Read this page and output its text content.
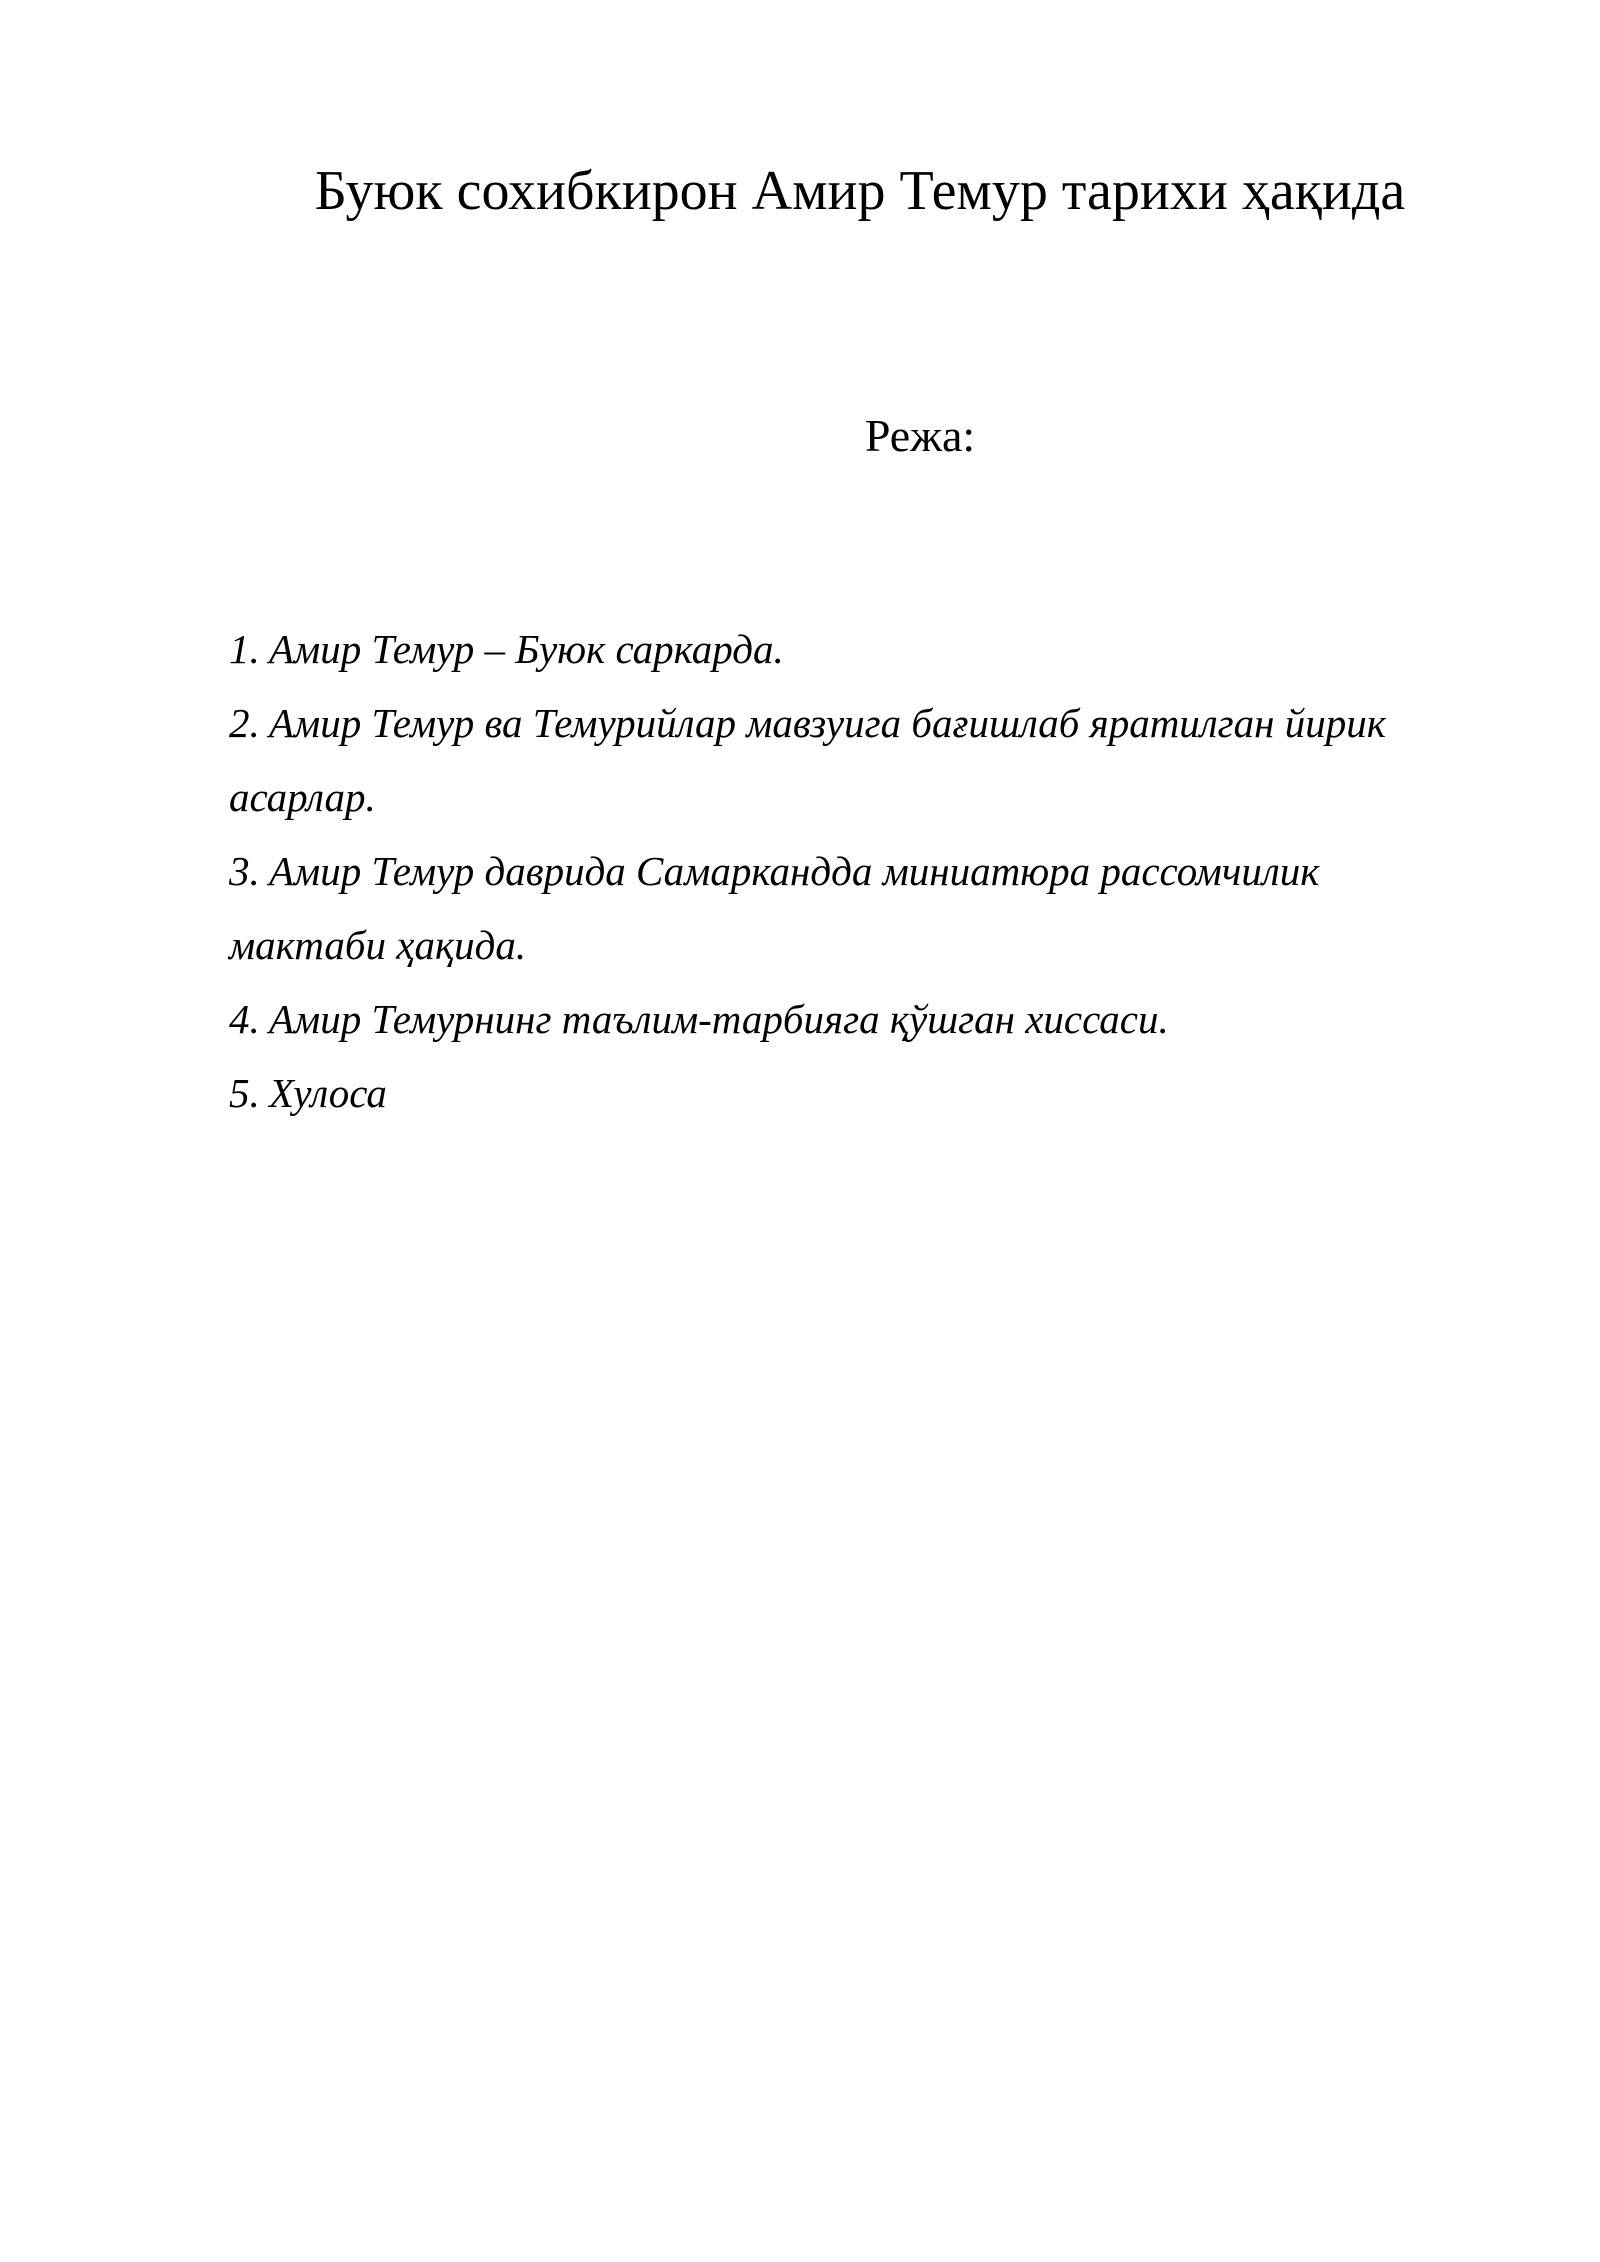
Буюк сохибкирон Амир Темур тарихи ҳақида
Режа:
1. Амир Темур – Буюк саркарда.
2. Амир Темур ва Темурийлар мавзуига бағишлаб яратилган йирик
асарлар.
3. Амир Темур даврида Самаркандда миниатюра рассомчилик
мактаби ҳақида.
4. Амир Темурнинг таълим-тарбияга қўшган хиссаси.
5. Хулоса
